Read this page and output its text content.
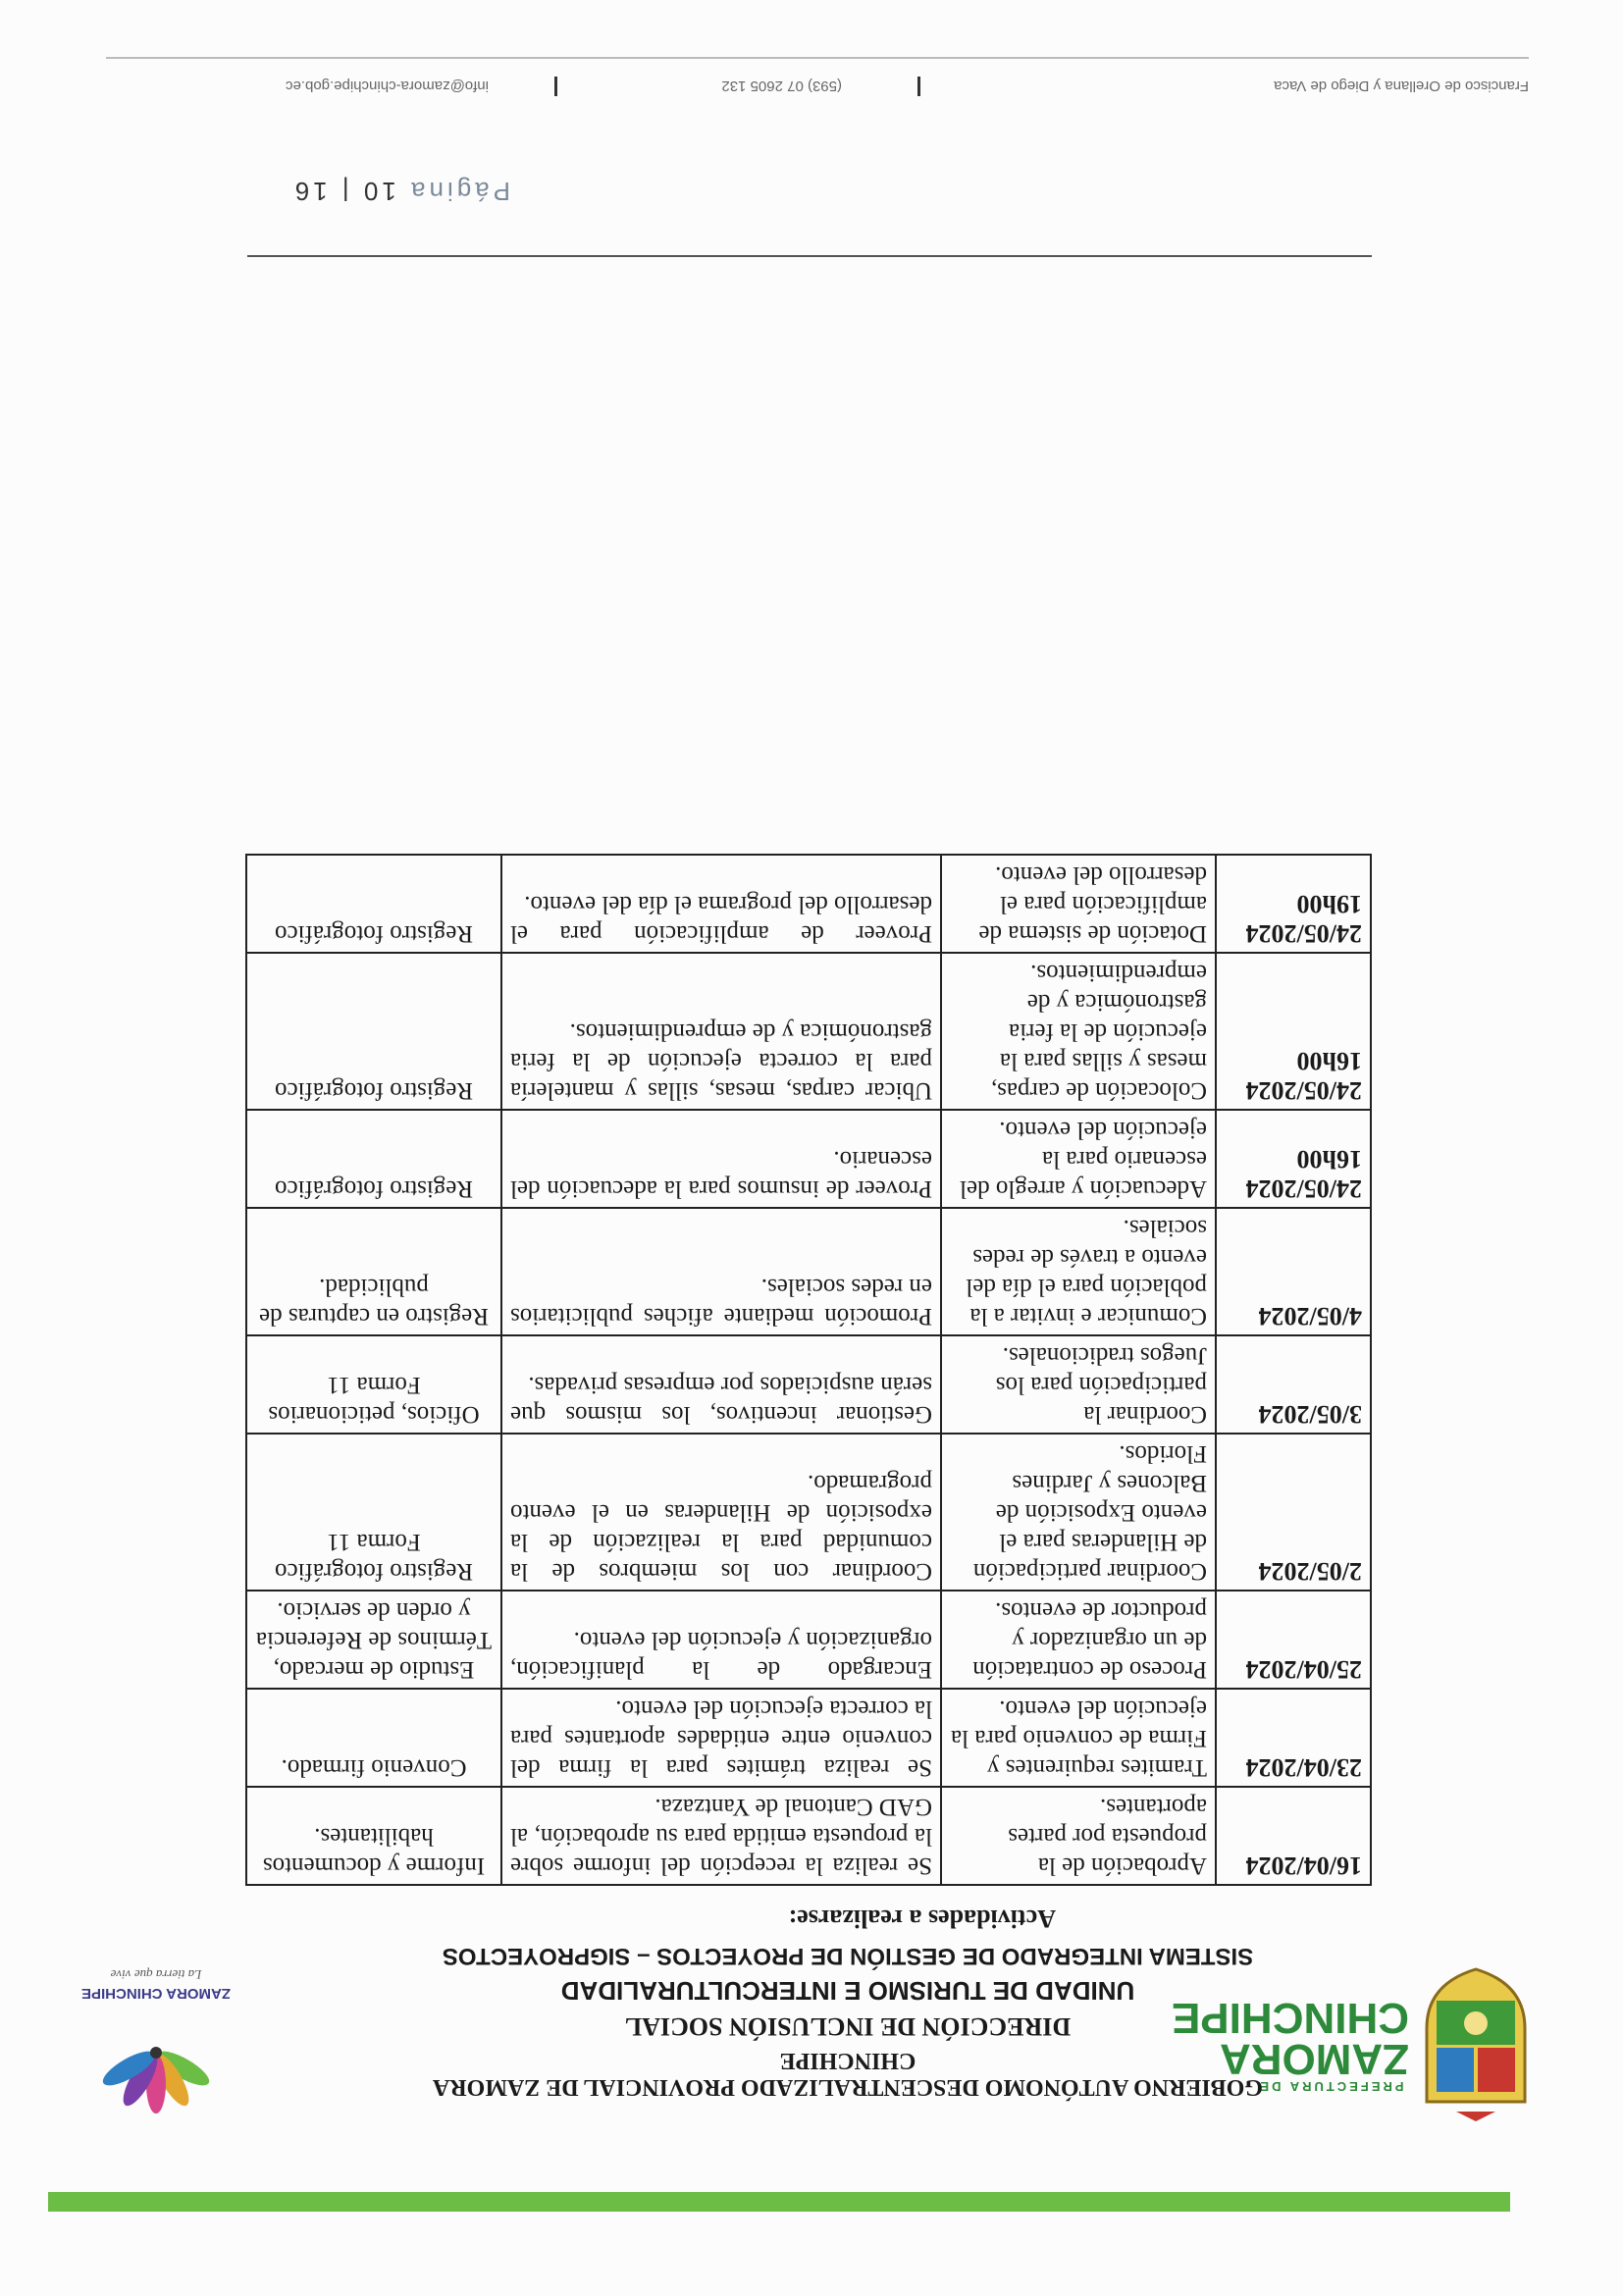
PREFECTURA DE
ZAMORA
CHINCHIPE
GOBIERNO AUTÓNOMO DESCENTRALIZADO PROVINCIAL DE ZAMORA CHINCHIPE
DIRECCIÓN DE INCLUSIÓN SOCIAL
UNIDAD DE TURISMO E INTERCULTURALIDAD
SISTEMA INTEGRADO DE GESTIÓN DE PROYECTOS – SIGPROYECTOS
ZAMORA CHINCHIPE
La tierra que vive
Actividades a realizarse:
16/04/2024	Aprobación de la propuesta por partes aportantes.	Se realiza la recepción del informe sobre la propuesta emitida para su aprobación, al GAD Cantonal de Yantzaza.	Informe y documentos habilitantes.
23/04/2024	Tramites requirentes y Firma de convenio para la ejecución del evento.	Se realiza trámites para la firma del convenio entre entidades aportantes para la correcta ejecución del evento.	Convenio firmado.
25/04/2024	Proceso de contratación de un organizador y productor de eventos.	Encargado de la planificación, organización y ejecución del evento.	Estudio de mercado, Términos de Referencia y orden de servicio.
2/05/2024	Coordinar participación de Hilanderas para el evento Exposición de Balcones y Jardines Floridos.	Coordinar con los miembros de la comunidad para la realización de la exposición de Hilanderas en el evento programado.	Registro fotográfico Forma 11
3/05/2024	Coordinar la participación para los Juegos tradicionales.	Gestionar incentivos, los mismos que serán auspiciados por empresas privadas.	Oficios, peticionarios Forma 11
4/05/2024	Comunicar e invitar a la población para el día del evento a través de redes sociales.	Promoción mediante afiches publicitarios en redes sociales.	Registro en capturas de publicidad.
24/05/2024 16h00	Adecuación y arreglo del escenario para la ejecución del evento.	Proveer de insumos para la adecuación del escenario.	Registro fotográfico
24/05/2024 16h00	Colocación de carpas, mesas y sillas para la ejecución de la feria gastronómica y de emprendimientos.	Ubicar carpas, mesas, sillas y mantelería para la correcta ejecución de la feria gastronómica y de emprendimientos.	Registro fotográfico
24/05/2024 19h00	Dotación de sistema de amplificación para el desarrollo del evento.	Proveer de amplificación para el desarrollo del programa el día del evento.	Registro fotográfico
Página 10 | 16
Francisco de Orellana y Diego de Vaca
(593) 07 2605 132
info@zamora-chinchipe.gob.ec
